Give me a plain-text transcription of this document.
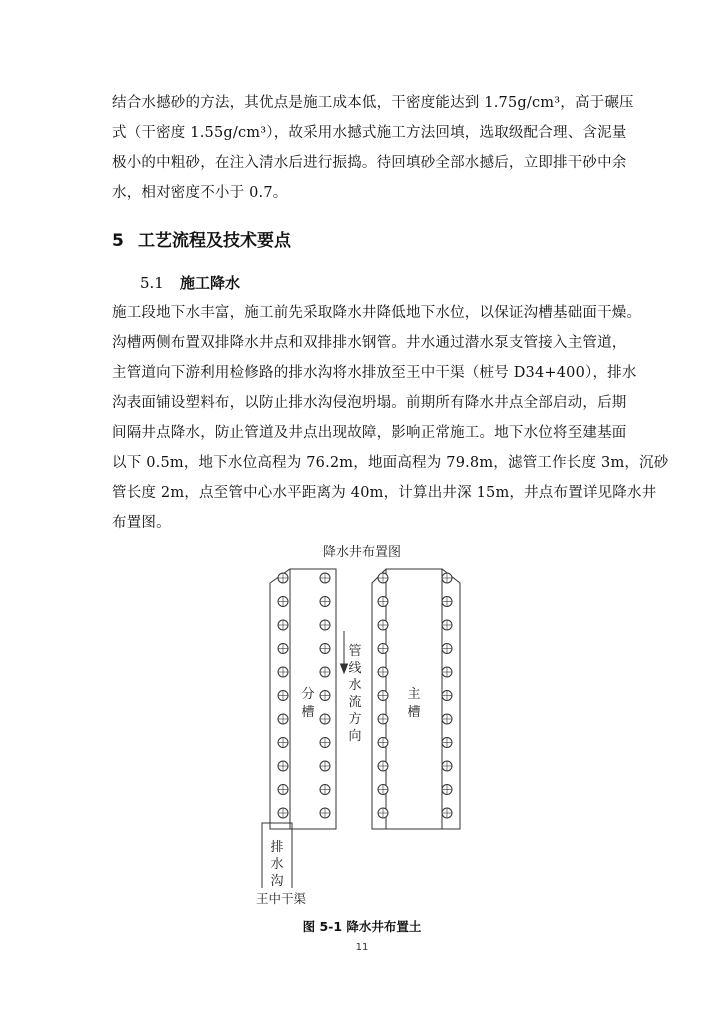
结合水撼砂的方法，其优点是施工成本低，干密度能达到 1.75g/cm³，高于碾压
式（干密度 1.55g/cm³），故采用水撼式施工方法回填，选取级配合理、含泥量
极小的中粗砂，在注入清水后进行振捣。待回填砂全部水撼后，立即排干砂中余
水，相对密度不小于 0.7。
5 工艺流程及技术要点
5.1 施工降水
施工段地下水丰富，施工前先采取降水井降低地下水位，以保证沟槽基础面干燥。
沟槽两侧布置双排降水井点和双排排水钢管。井水通过潜水泵支管接入主管道，
主管道向下游利用检修路的排水沟将水排放至王中干渠（桩号 D34+400），排水
沟表面铺设塑料布，以防止排水沟侵泡坍塌。前期所有降水井点全部启动，后期
间隔井点降水，防止管道及井点出现故障，影响正常施工。地下水位将至建基面
以下 0.5m，地下水位高程为 76.2m，地面高程为 79.8m，滤管工作长度 3m，沉砂
管长度 2m，点至管中心水平距离为 40m，计算出井深 15m，井点布置详见降水井
布置图。
降水井布置图
分
槽
主
槽
管
线
水
流
方
向
排
水
沟
王中干渠
图 5-1 降水井布置土
11
